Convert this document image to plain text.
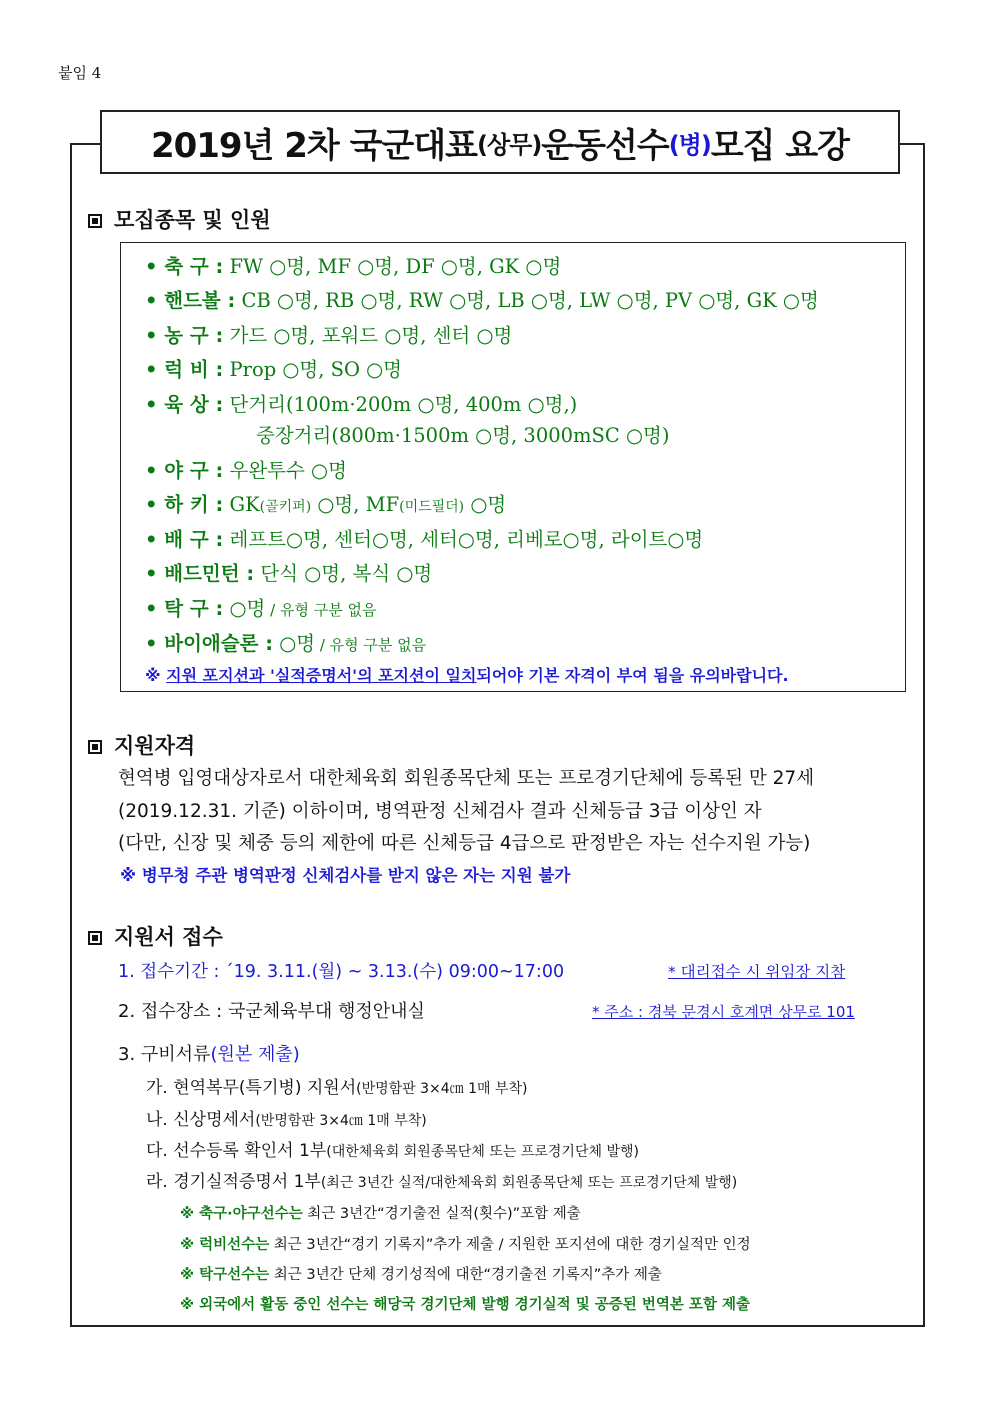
붙임 4
2019년 2차 국군대표 (상무) 운동선수 (병) 모집 요강
모집종목 및 인원
• 축 구 : FW ○명, MF ○명, DF ○명, GK ○명
• 핸드볼 : CB ○명, RB ○명, RW ○명, LB ○명, LW ○명, PV ○명, GK ○명
• 농 구 : 가드 ○명, 포워드 ○명, 센터 ○명
• 럭 비 : Prop ○명, SO ○명
• 육 상 : 단거리(100m·200m ○명, 400m ○명,)
중장거리(800m·1500m ○명, 3000mSC ○명)
• 야 구 : 우완투수 ○명
• 하 키 : GK(골키퍼) ○명, MF(미드필더) ○명
• 배 구 : 레프트○명, 센터○명, 세터○명, 리베로○명, 라이트○명
• 배드민턴 : 단식 ○명, 복식 ○명
• 탁 구 : ○명 / 유형 구분 없음
• 바이애슬론 : ○명 / 유형 구분 없음
※ 지원 포지션과 '실적증명서'의 포지션이 일치되어야 기본 자격이 부여 됨을 유의바랍니다.
지원자격
현역병 입영대상자로서 대한체육회 회원종목단체 또는 프로경기단체에 등록된 만 27세
(2019.12.31. 기준) 이하이며, 병역판정 신체검사 결과 신체등급 3급 이상인 자
(다만, 신장 및 체중 등의 제한에 따른 신체등급 4급으로 판정받은 자는 선수지원 가능)
※ 병무청 주관 병역판정 신체검사를 받지 않은 자는 지원 불가
지원서 접수
1. 접수기간 : ´19. 3.11.(월) ~ 3.13.(수) 09:00~17:00	* 대리접수 시 위임장 지참
2. 접수장소 : 국군체육부대 행정안내실	* 주소 : 경북 문경시 호계면 상무로 101
3. 구비서류(원본 제출)
가. 현역복무(특기병) 지원서(반명함판 3×4㎝ 1매 부착)
나. 신상명세서(반명함판 3×4㎝ 1매 부착)
다. 선수등록 확인서 1부(대한체육회 회원종목단체 또는 프로경기단체 발행)
라. 경기실적증명서 1부(최근 3년간 실적/대한체육회 회원종목단체 또는 프로경기단체 발행)
※ 축구·야구선수는 최근 3년간“경기출전 실적(횟수)”포함 제출
※ 럭비선수는 최근 3년간“경기 기록지”추가 제출 / 지원한 포지션에 대한 경기실적만 인정
※ 탁구선수는 최근 3년간 단체 경기성적에 대한“경기출전 기록지”추가 제출
※ 외국에서 활동 중인 선수는 해당국 경기단체 발행 경기실적 및 공증된 번역본 포함 제출
